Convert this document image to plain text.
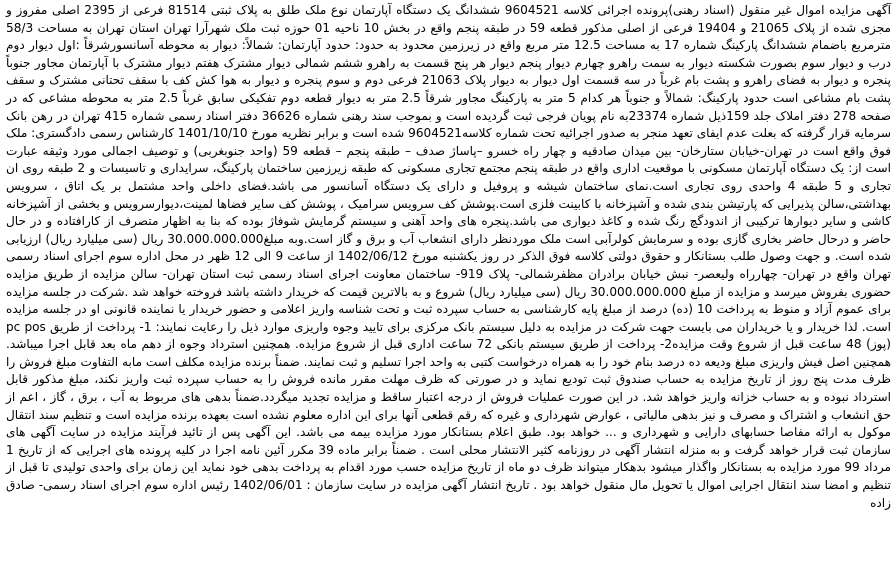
آگهی مزایده اموال غیر منقول (اسناد رهنی)پرونده اجرائی کلاسه 9604521 ششدانگ یک دستگاه آپارتمان نوع ملک طلق به پلاک ثبتی 81514 فرعی از 2395 اصلی مفروز و مجزی شده از پلاک 21065 و 19404 فرعی از اصلی مذکور قطعه 59 در طبقه پنجم واقع در بخش 10 ناحیه 01 حوزه ثبت ملک شهرآرا تهران استان تهران به مساحت 58/3 مترمربع باضمام ششدانگ پارکینگ شماره 17 به مساحت 12.5 متر مربع واقع در زیرزمین محدود به حدود: حدود آپارتمان: شمالاً: دیوار به محوطه آسانسورشرقاً :اول دیوار دوم درب و دیوار سوم بصورت شکسته دیوار به سمت راهرو چهارم دیوار پنجم دیوار هر پنج قسمت به راهرو ششم شمالی دیوار مشترک هفتم دیوار مشترک با آپارتمان مجاور جنوباً پنجره و دیوار به فضای راهرو و پشت بام غرباً در سه قسمت اول دیوار به دیوار پلاک 21063 فرعی دوم و سوم پنجره و دیوار به هوا کش کف با سقف تحتانی مشترک و سقف پشت بام مشاعی است حدود پارکینگ: شمالاً و جنوباً هر کدام 5 متر به پارکینگ مجاور شرقاً 2.5 متر به دیوار قطعه دوم تفکیکی سابق غرباً 2.5 متر به محوطه مشاعی که در صفحه 278 دفتر املاک جلد 159ذیل شماره 23374به نام پویان فرجی ثبت گردیده است و بموجب سند رهنی شماره 36626 دفتر اسناد رسمی شماره 415 تهران در رهن بانک سرمایه قرار گرفته که بعلت عدم ایفای تعهد منجر به صدور اجرائیه تحت شماره کلاسه9604521 شده است و برابر نظریه مورخ 1401/10/10 کارشناس رسمی دادگستری: ملک فوق واقع است در تهران-خیابان ستارخان- بین میدان صادقیه و چهار راه خسرو –پاساژ صدف – طبقه پنجم – قطعه 59 (واحد جنوبغربی) و توصیف اجمالی مورد وثیقه عبارت است از: یک دستگاه آپارتمان مسکونی با موقعیت اداری واقع در طبقه پنجم مجتمع تجاری مسکونی که طبقه زیرزمین ساختمان پارکینگ، سرایداری و تاسیسات و 2 طبقه روی ان تجاری و 5 طبقه 4 واحدی روی تجاری است.نمای ساختمان شیشه و پروفیل و دارای یک دستگاه آسانسور می باشد.فضای داخلی واحد مشتمل بر یک اتاق ، سرویس بهداشتی،سالن پذیرایی که پارتیشن بندی شده و آشپزخانه با کابینت فلزی است.پوشش کف سرویس سرامیک ، پوشش کف سایر فضاها لمینت،دیوارسرویس و بخشی از آشپزخانه کاشی و سایر دیوارها ترکیبی از اندودگچ رنگ شده و کاغذ دیواری می باشد.پنجره های واحد آهنی و سیستم گرمایش شوفاژ بوده که بنا به اظهار متصرف از کارافتاده و در حال حاضر و درحال حاضر بخاری گازی بوده و سرمایش کولرآبی است ملک موردنظر دارای انشعاب آب و برق و گاز است.وبه مبلغ30.000.000.000 ریال (سی میلیارد ریال) ارزیابی شده است. و جهت وصول طلب بستانکار و حقوق دولتی کلاسه فوق الذکر در روز یکشنبه مورخ 1402/06/12 از ساعت 9 الی 12 ظهر در محل اداره سوم اجرای اسناد رسمی تهران واقع در تهران- چهارراه ولیعصر- نبش خیابان برادران مظفرشمالی- پلاک 919- ساختمان معاونت اجرای اسناد رسمی ثبت استان تهران- سالن مزایده از طریق مزایده حضوری بفروش میرسد و مزایده از مبلغ 30.000.000.000 ریال (سی میلیارد ریال) شروع و به بالاترین قیمت که خریدار داشته باشد فروخته خواهد شد .شرکت در جلسه مزایده برای عموم آزاد و منوط به پرداخت 10 (ده) درصد از مبلغ پایه کارشناسی به حساب سپرده ثبت و تحت شناسه واریز اعلامی و حضور خریدار یا نماینده قانونی او در جلسه مزایده است. لذا خریدار و یا خریداران می بایست جهت شرکت در مزایده به دلیل سیستم بانک مرکزی برای تایید وجوه واریزی موارد ذیل را رعایت نمایند: 1- پرداخت از طریق pc pos (پوز) 48 ساعت قبل از شروع وقت مزایده2- پرداخت از طریق سیستم بانکی 72 ساعت اداری قبل از شروع مزایده. همچنین استرداد وجوه از دهم ماه بعد قابل اجرا میباشد. همچنین اصل فیش واریزی مبلغ ودیعه ده درصد بنام خود را به همراه درخواست کتبی به واحد اجرا تسلیم و ثبت نمایند. ضمناً برنده مزایده مکلف است مابه التفاوت مبلغ فروش را ظرف مدت پنج روز از تاریخ مزایده به حساب صندوق ثبت تودیع نماید و در صورتی که ظرف مهلت مقرر مانده فروش را به حساب سپرده ثبت واریز نکند، مبلغ مذکور قابل استرداد نبوده و به حساب خزانه واریز خواهد شد. در این صورت عملیات فروش از درجه اعتبار ساقط و مزایده تجدید میگردد.ضمناً بدهی های مربوط به آب ، برق ، گاز ، اعم از حق انشعاب و اشتراک و مصرف و نیز بدهی مالیاتی ، عوارض شهرداری و غیره که رقم قطعی آنها برای این اداره معلوم نشده است بعهده برنده مزایده است و تنظیم سند انتقال موکول به ارائه مفاصا حسابهای دارایی و شهرداری و ... خواهد بود. طبق اعلام بستانکار مورد مزایده بیمه می باشد. این آگهی پس از تائید فرآیند مزایده در سایت آگهی های سازمان ثبت قرار خواهد گرفت و به منزله انتشار آگهی در روزنامه کثیر الانتشار محلی است . ضمناً برابر ماده 39 مکرر آئین نامه اجرا در کلیه پرونده های اجرایی که از تاریخ 1 مرداد 99 مورد مزایده به بستانکار واگذار میشود بدهکار میتواند ظرف دو ماه از تاریخ مزایده حسب مورد اقدام به پرداخت بدهی خود نماید این زمان برای واحدی تولیدی تا قبل از تنظیم و امضا سند انتقال اجرایی اموال یا تحویل مال منقول خواهد بود . تاریخ انتشار آگهی مزایده در سایت سازمان : 1402/06/01 رئیس اداره سوم اجرای اسناد رسمی- صادق زاده
